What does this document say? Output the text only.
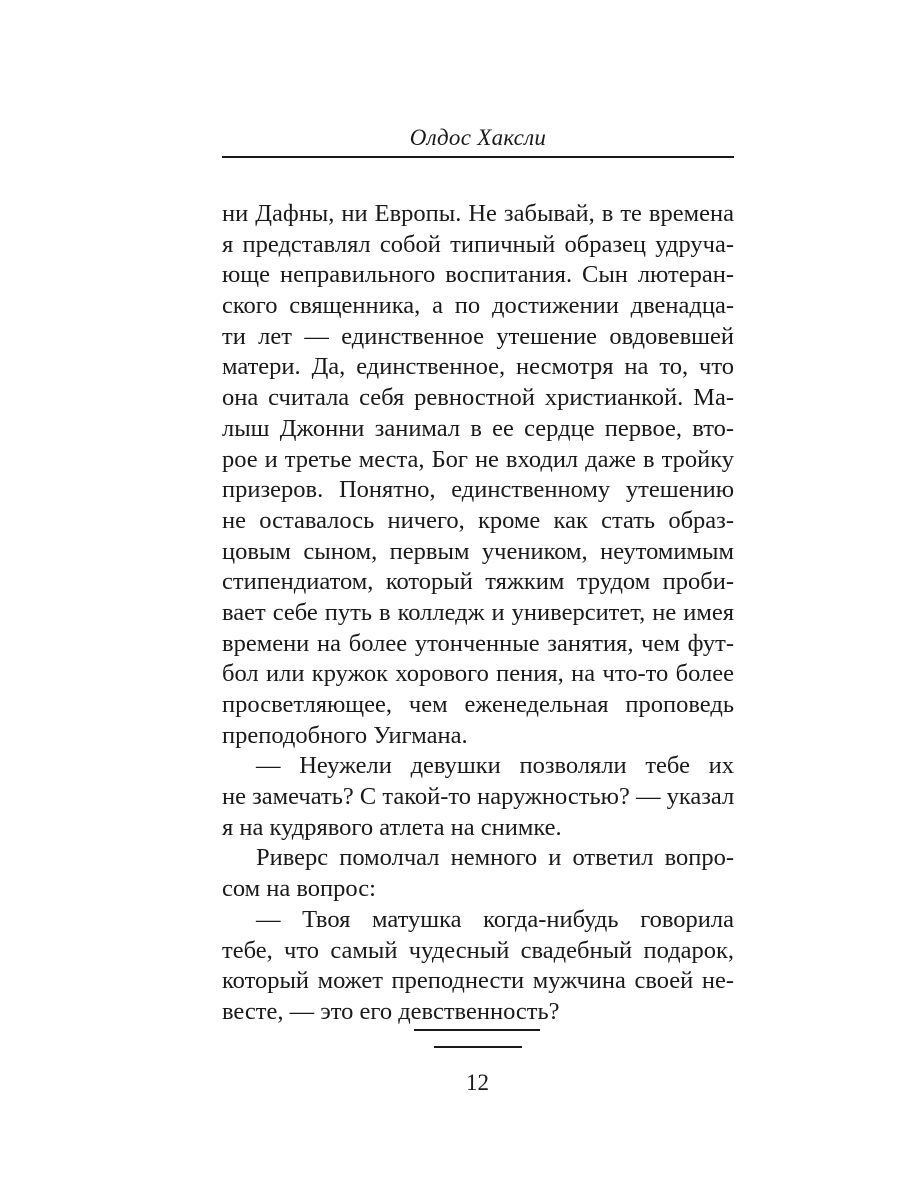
Олдос Хаксли
ни Дафны, ни Европы. Не забывай, в те времена
я представлял собой типичный образец удруча-
юще неправильного воспитания. Сын лютеран-
ского священника, а по достижении двенадца-
ти лет — единственное утешение овдовевшей
матери. Да, единственное, несмотря на то, что
она считала себя ревностной христианкой. Ма-
лыш Джонни занимал в ее сердце первое, вто-
рое и третье места, Бог не входил даже в тройку
призеров. Понятно, единственному утешению
не оставалось ничего, кроме как стать образ-
цовым сыном, первым учеником, неутомимым
стипендиатом, который тяжким трудом проби-
вает себе путь в колледж и университет, не имея
времени на более утонченные занятия, чем фут-
бол или кружок хорового пения, на что-то более
просветляющее, чем еженедельная проповедь
преподобного Уигмана.
— Неужели девушки позволяли тебе их
не замечать? С такой-то наружностью? — указал
я на кудрявого атлета на снимке.
Риверс помолчал немного и ответил вопро-
сом на вопрос:
— Твоя матушка когда-нибудь говорила
тебе, что самый чудесный свадебный подарок,
который может преподнести мужчина своей не-
весте, — это его девственность?
12
